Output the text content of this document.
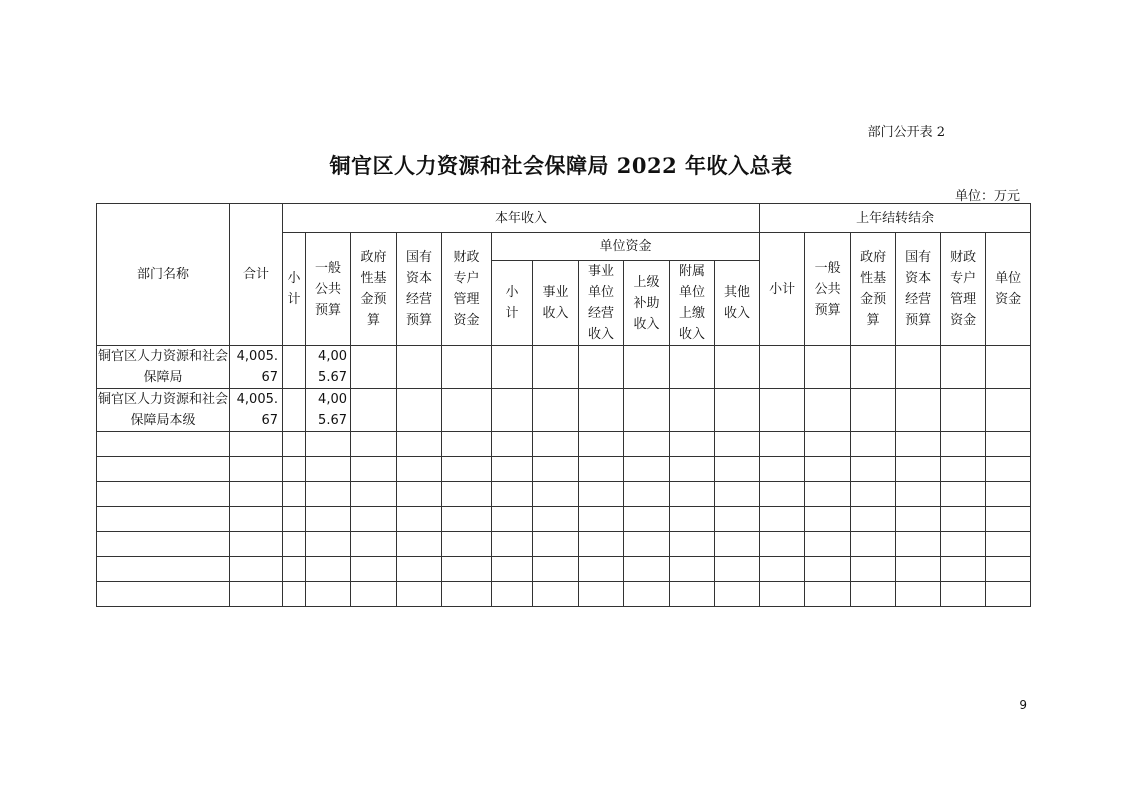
部门公开表 2
铜官区人力资源和社会保障局 2022 年收入总表
单位：万元
部门名称	合计	本年收入											上年结转结余					
		小计	一般公共预算	政府性基金预算	国有资本经营预算	财政专户管理资金	单位资金						小计	一般公共预算	政府性基金预算	国有资本经营预算	财政专户管理资金	单位资金
							小计	事业收入	事业单位经营收入	上级补助收入	附属单位上缴收入	其他收入						
铜官区人力资源和社会保障局	4,005.67		4,005.67															
铜官区人力资源和社会保障局本级	4,005.67		4,005.67															

9
